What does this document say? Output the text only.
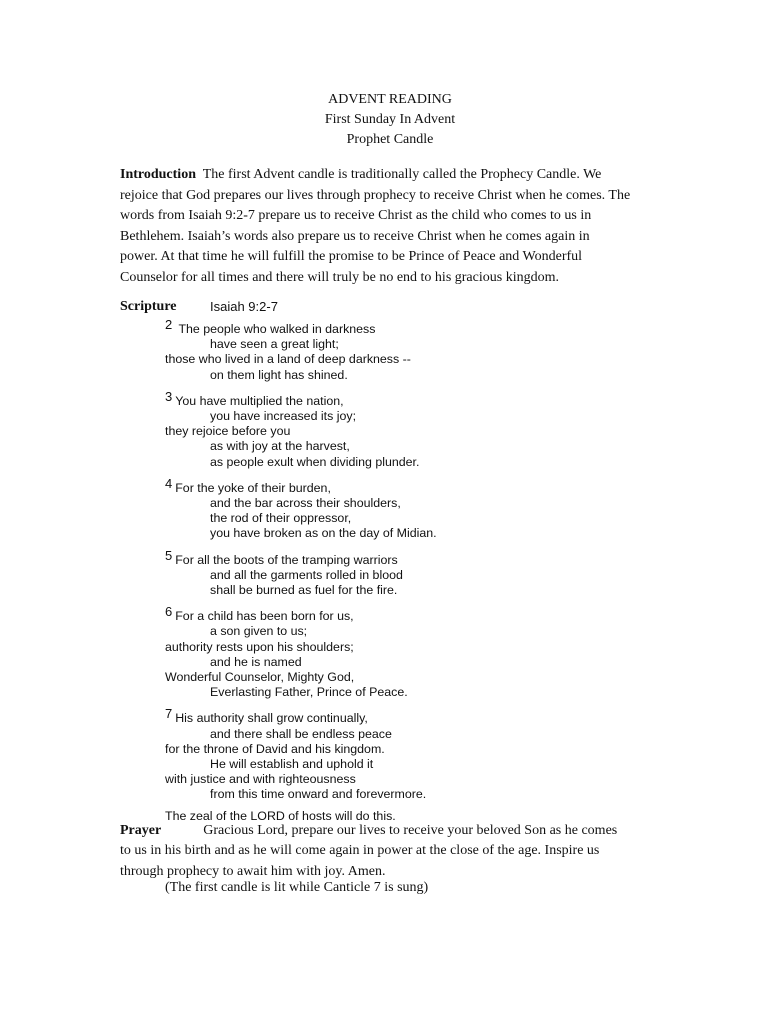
ADVENT READING
First Sunday In Advent
Prophet Candle
Introduction The first Advent candle is traditionally called the Prophecy Candle. We
rejoice that God prepares our lives through prophecy to receive Christ when he comes. The
words from Isaiah 9:2-7 prepare us to receive Christ as the child who comes to us in
Bethlehem. Isaiah’s words also prepare us to receive Christ when he comes again in
power. At that time he will fulfill the promise to be Prince of Peace and Wonderful
Counselor for all times and there will truly be no end to his gracious kingdom.
Scripture	Isaiah 9:2-7
2 The people who walked in darkness
have seen a great light;
those who lived in a land of deep darkness --
on them light has shined.
3 You have multiplied the nation,
you have increased its joy;
they rejoice before you
as with joy at the harvest,
as people exult when dividing plunder.
4 For the yoke of their burden,
and the bar across their shoulders,
the rod of their oppressor,
you have broken as on the day of Midian.
5 For all the boots of the tramping warriors
and all the garments rolled in blood
shall be burned as fuel for the fire.
6 For a child has been born for us,
a son given to us;
authority rests upon his shoulders;
and he is named
Wonderful Counselor, Mighty God,
Everlasting Father, Prince of Peace.
7 His authority shall grow continually,
and there shall be endless peace
for the throne of David and his kingdom.
He will establish and uphold it
with justice and with righteousness
from this time onward and forevermore.
The zeal of the LORD of hosts will do this.
Prayer	Gracious Lord, prepare our lives to receive your beloved Son as he comes
to us in his birth and as he will come again in power at the close of the age. Inspire us
through prophecy to await him with joy. Amen.
(The first candle is lit while Canticle 7 is sung)
